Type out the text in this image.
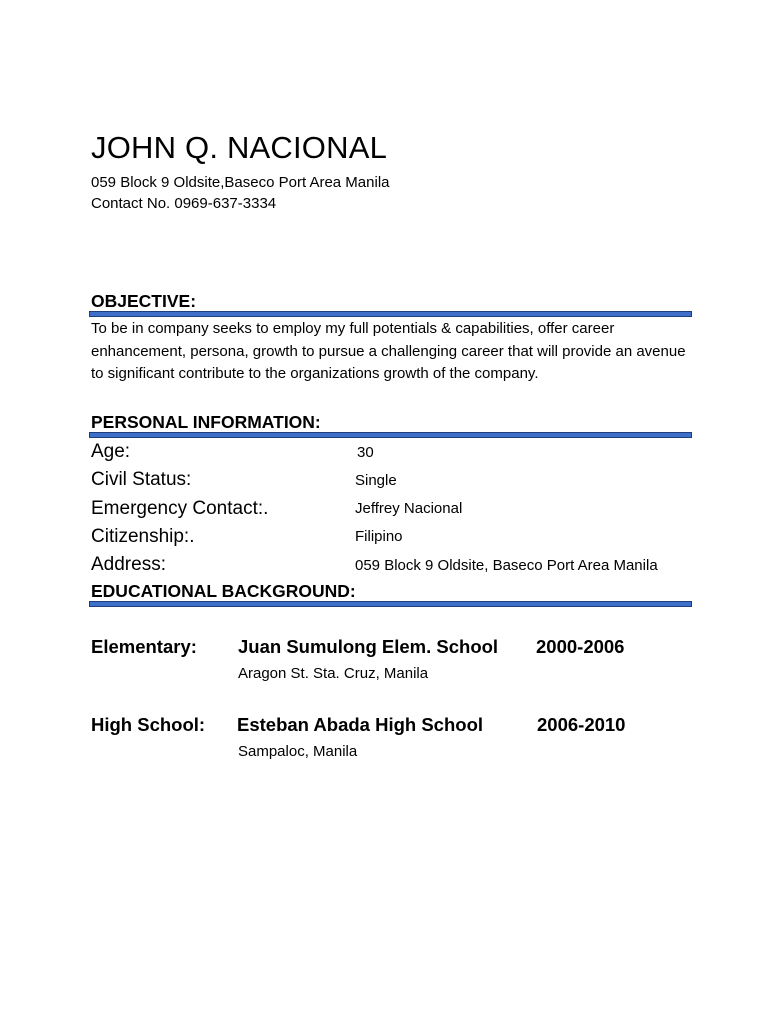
JOHN Q. NACIONAL
059 Block 9 Oldsite,Baseco Port Area Manila
Contact No. 0969-637-3334
OBJECTIVE:
To be in company seeks to employ my full potentials & capabilities, offer career enhancement, persona, growth to pursue a challenging career that will provide an avenue to significant contribute to the organizations growth of the company.
PERSONAL INFORMATION:
Age:	30
Civil Status:	Single
Emergency Contact:.	Jeffrey Nacional
Citizenship:.	Filipino
Address:	059 Block 9 Oldsite, Baseco Port Area Manila
EDUCATIONAL BACKGROUND:
Elementary: Juan Sumulong Elem. School 2000-2006
Aragon St. Sta. Cruz, Manila
High School: Esteban Abada High School	2006-2010
Sampaloc, Manila
